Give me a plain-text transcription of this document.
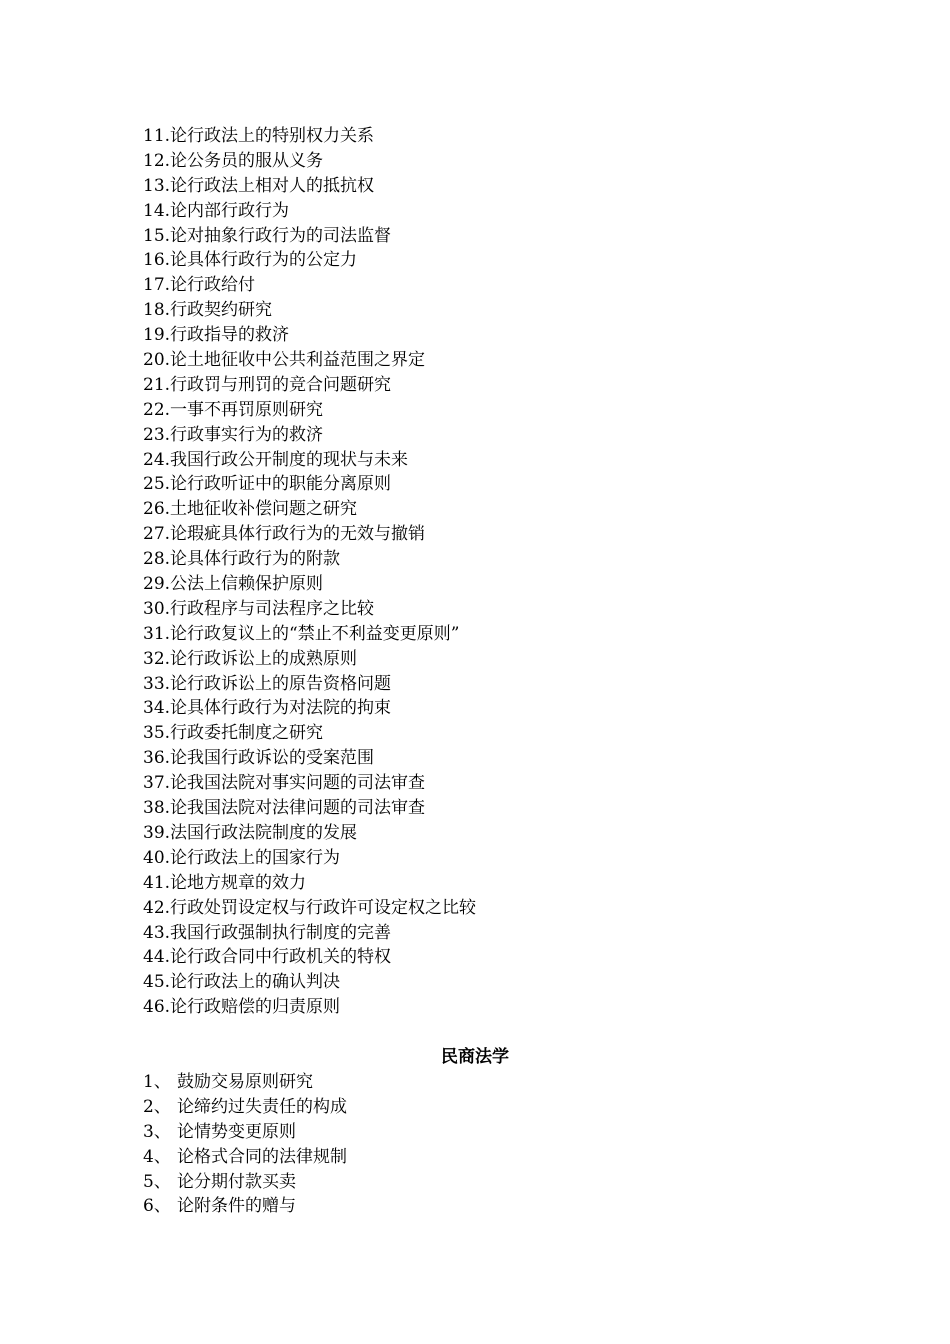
11.论行政法上的特别权力关系
12.论公务员的服从义务
13.论行政法上相对人的抵抗权
14.论内部行政行为
15.论对抽象行政行为的司法监督
16.论具体行政行为的公定力
17.论行政给付
18.行政契约研究
19.行政指导的救济
20.论土地征收中公共利益范围之界定
21.行政罚与刑罚的竞合问题研究
22.一事不再罚原则研究
23.行政事实行为的救济
24.我国行政公开制度的现状与未来
25.论行政听证中的职能分离原则
26.土地征收补偿问题之研究
27.论瑕疵具体行政行为的无效与撤销
28.论具体行政行为的附款
29.公法上信赖保护原则
30.行政程序与司法程序之比较
31.论行政复议上的“禁止不利益变更原则”
32.论行政诉讼上的成熟原则
33.论行政诉讼上的原告资格问题
34.论具体行政行为对法院的拘束
35.行政委托制度之研究
36.论我国行政诉讼的受案范围
37.论我国法院对事实问题的司法审查
38.论我国法院对法律问题的司法审查
39.法国行政法院制度的发展
40.论行政法上的国家行为
41.论地方规章的效力
42.行政处罚设定权与行政许可设定权之比较
43.我国行政强制执行制度的完善
44.论行政合同中行政机关的特权
45.论行政法上的确认判决
46.论行政赔偿的归责原则
民商法学
1、 鼓励交易原则研究
2、 论缔约过失责任的构成
3、 论情势变更原则
4、 论格式合同的法律规制
5、 论分期付款买卖
6、 论附条件的赠与
